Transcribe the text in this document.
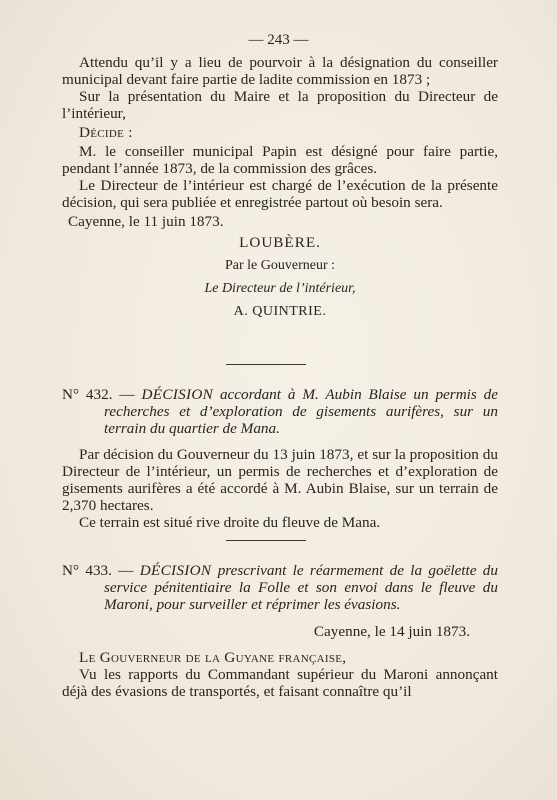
— 243 —

Attendu qu’il y a lieu de pourvoir à la désignation du conseiller municipal devant faire partie de ladite commission en 1873 ;

Sur la présentation du Maire et la proposition du Directeur de l’intérieur,

Décide :

M. le conseiller municipal Papin est désigné pour faire partie, pendant l’année 1873, de la commission des grâces.

Le Directeur de l’intérieur est chargé de l’exécution de la présente décision, qui sera publiée et enregistrée partout où besoin sera.

Cayenne, le 11 juin 1873.

LOUBÈRE.

Par le Gouverneur :

Le Directeur de l’intérieur,

A. QUINTRIE.

N° 432. — DÉCISION accordant à M. Aubin Blaise un permis de recherches et d’exploration de gisements aurifères, sur un terrain du quartier de Mana.

Par décision du Gouverneur du 13 juin 1873, et sur la proposition du Directeur de l’intérieur, un permis de recherches et d’exploration de gisements aurifères a été accordé à M. Aubin Blaise, sur un terrain de 2,370 hectares.

Ce terrain est situé rive droite du fleuve de Mana.

N° 433. — DÉCISION prescrivant le réarmement de la goëlette du service pénitentiaire la Folle et son envoi dans le fleuve du Maroni, pour surveiller et réprimer les évasions.

Cayenne, le 14 juin 1873.

Le Gouverneur de la Guyane française,

Vu les rapports du Commandant supérieur du Maroni annonçant déjà des évasions de transportés, et faisant connaître qu’il
